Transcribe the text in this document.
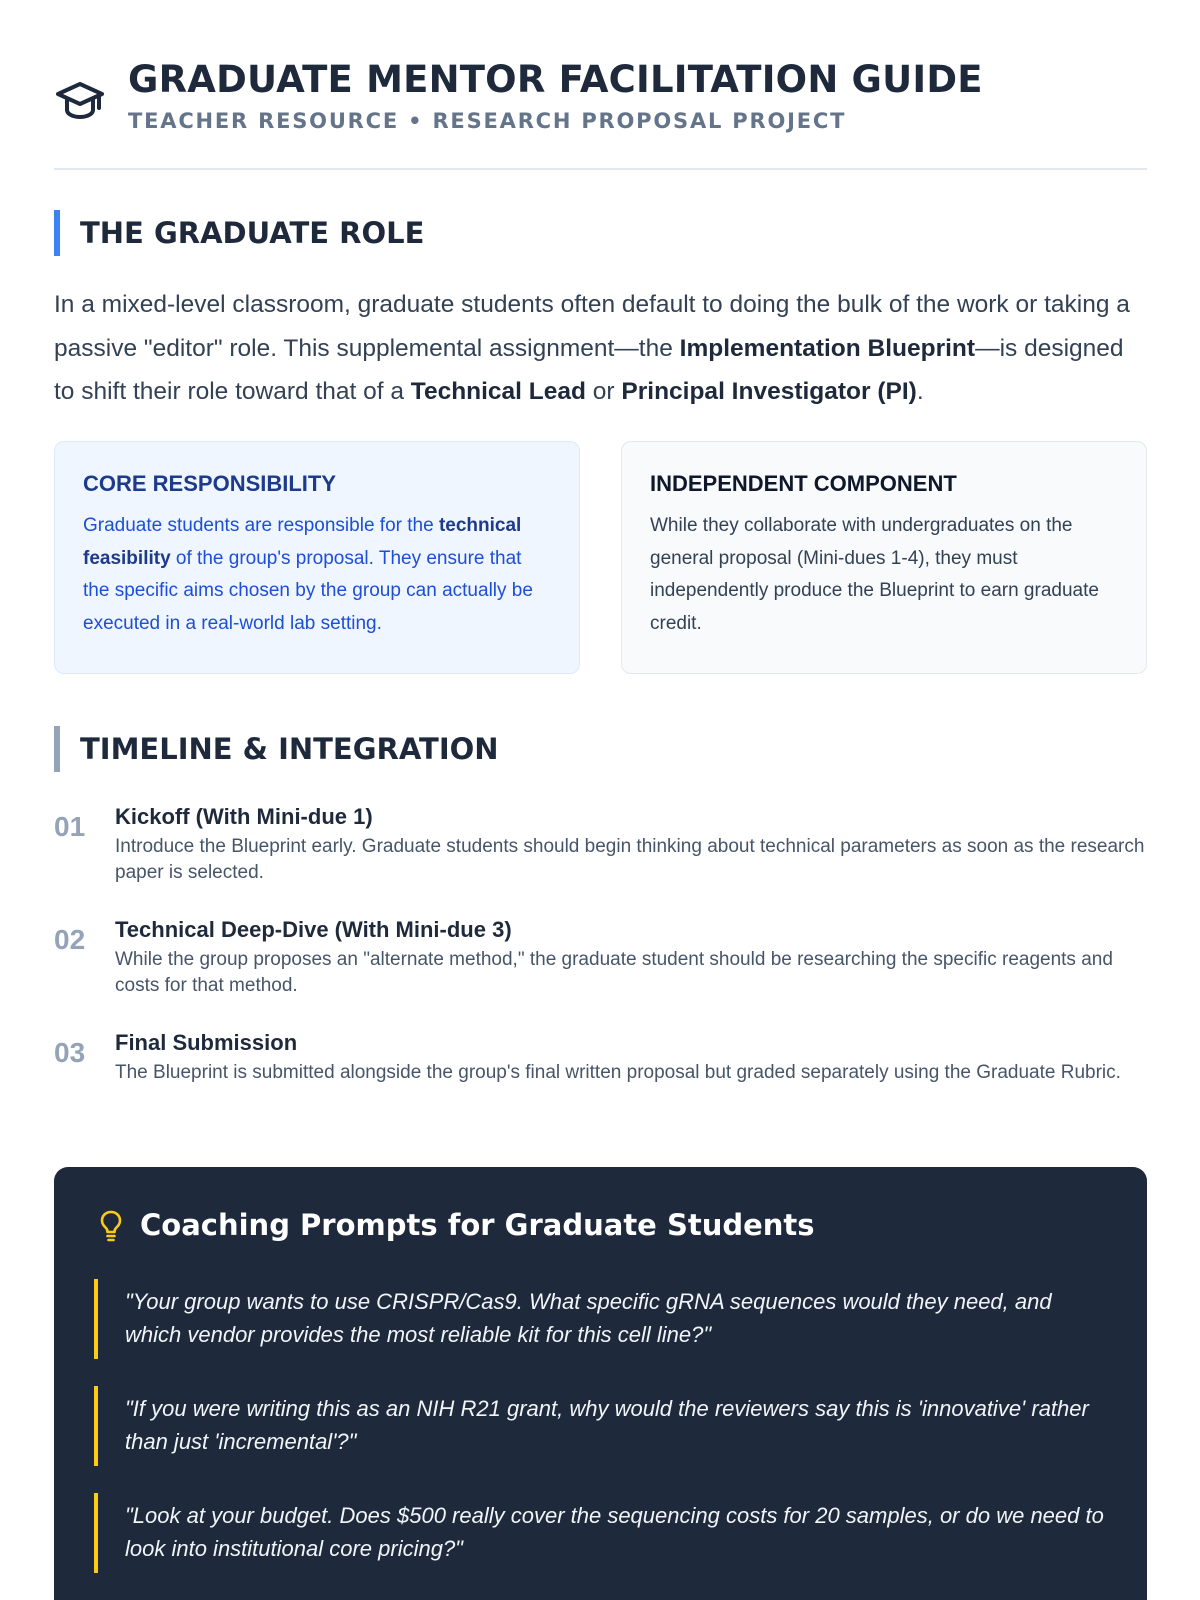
GRADUATE MENTOR FACILITATION GUIDE
TEACHER RESOURCE • RESEARCH PROPOSAL PROJECT
THE GRADUATE ROLE

In a mixed-level classroom, graduate students often default to doing the bulk of the work or taking a passive "editor" role. This supplemental assignment—the Implementation Blueprint—is designed to shift their role toward that of a Technical Lead or Principal Investigator (PI).

CORE RESPONSIBILITY

Graduate students are responsible for the technical feasibility of the group's proposal. They ensure that the specific aims chosen by the group can actually be executed in a real-world lab setting.

INDEPENDENT COMPONENT

While they collaborate with undergraduates on the general proposal (Mini-dues 1-4), they must independently produce the Blueprint to earn graduate credit.

TIMELINE & INTEGRATION
01 Kickoff (With Mini-due 1)
Introduce the Blueprint early. Graduate students should begin thinking about technical parameters as soon as the research paper is selected.
02 Technical Deep-Dive (With Mini-due 3)
While the group proposes an "alternate method," the graduate student should be researching the specific reagents and costs for that method.
03 Final Submission
The Blueprint is submitted alongside the group's final written proposal but graded separately using the Graduate Rubric.
Coaching Prompts for Graduate Students
"Your group wants to use CRISPR/Cas9. What specific gRNA sequences would they need, and which vendor provides the most reliable kit for this cell line?"
"If you were writing this as an NIH R21 grant, why would the reviewers say this is 'innovative' rather than just 'incremental'?"
"Look at your budget. Does $500 really cover the sequencing costs for 20 samples, or do we need to look into institutional core pricing?"
